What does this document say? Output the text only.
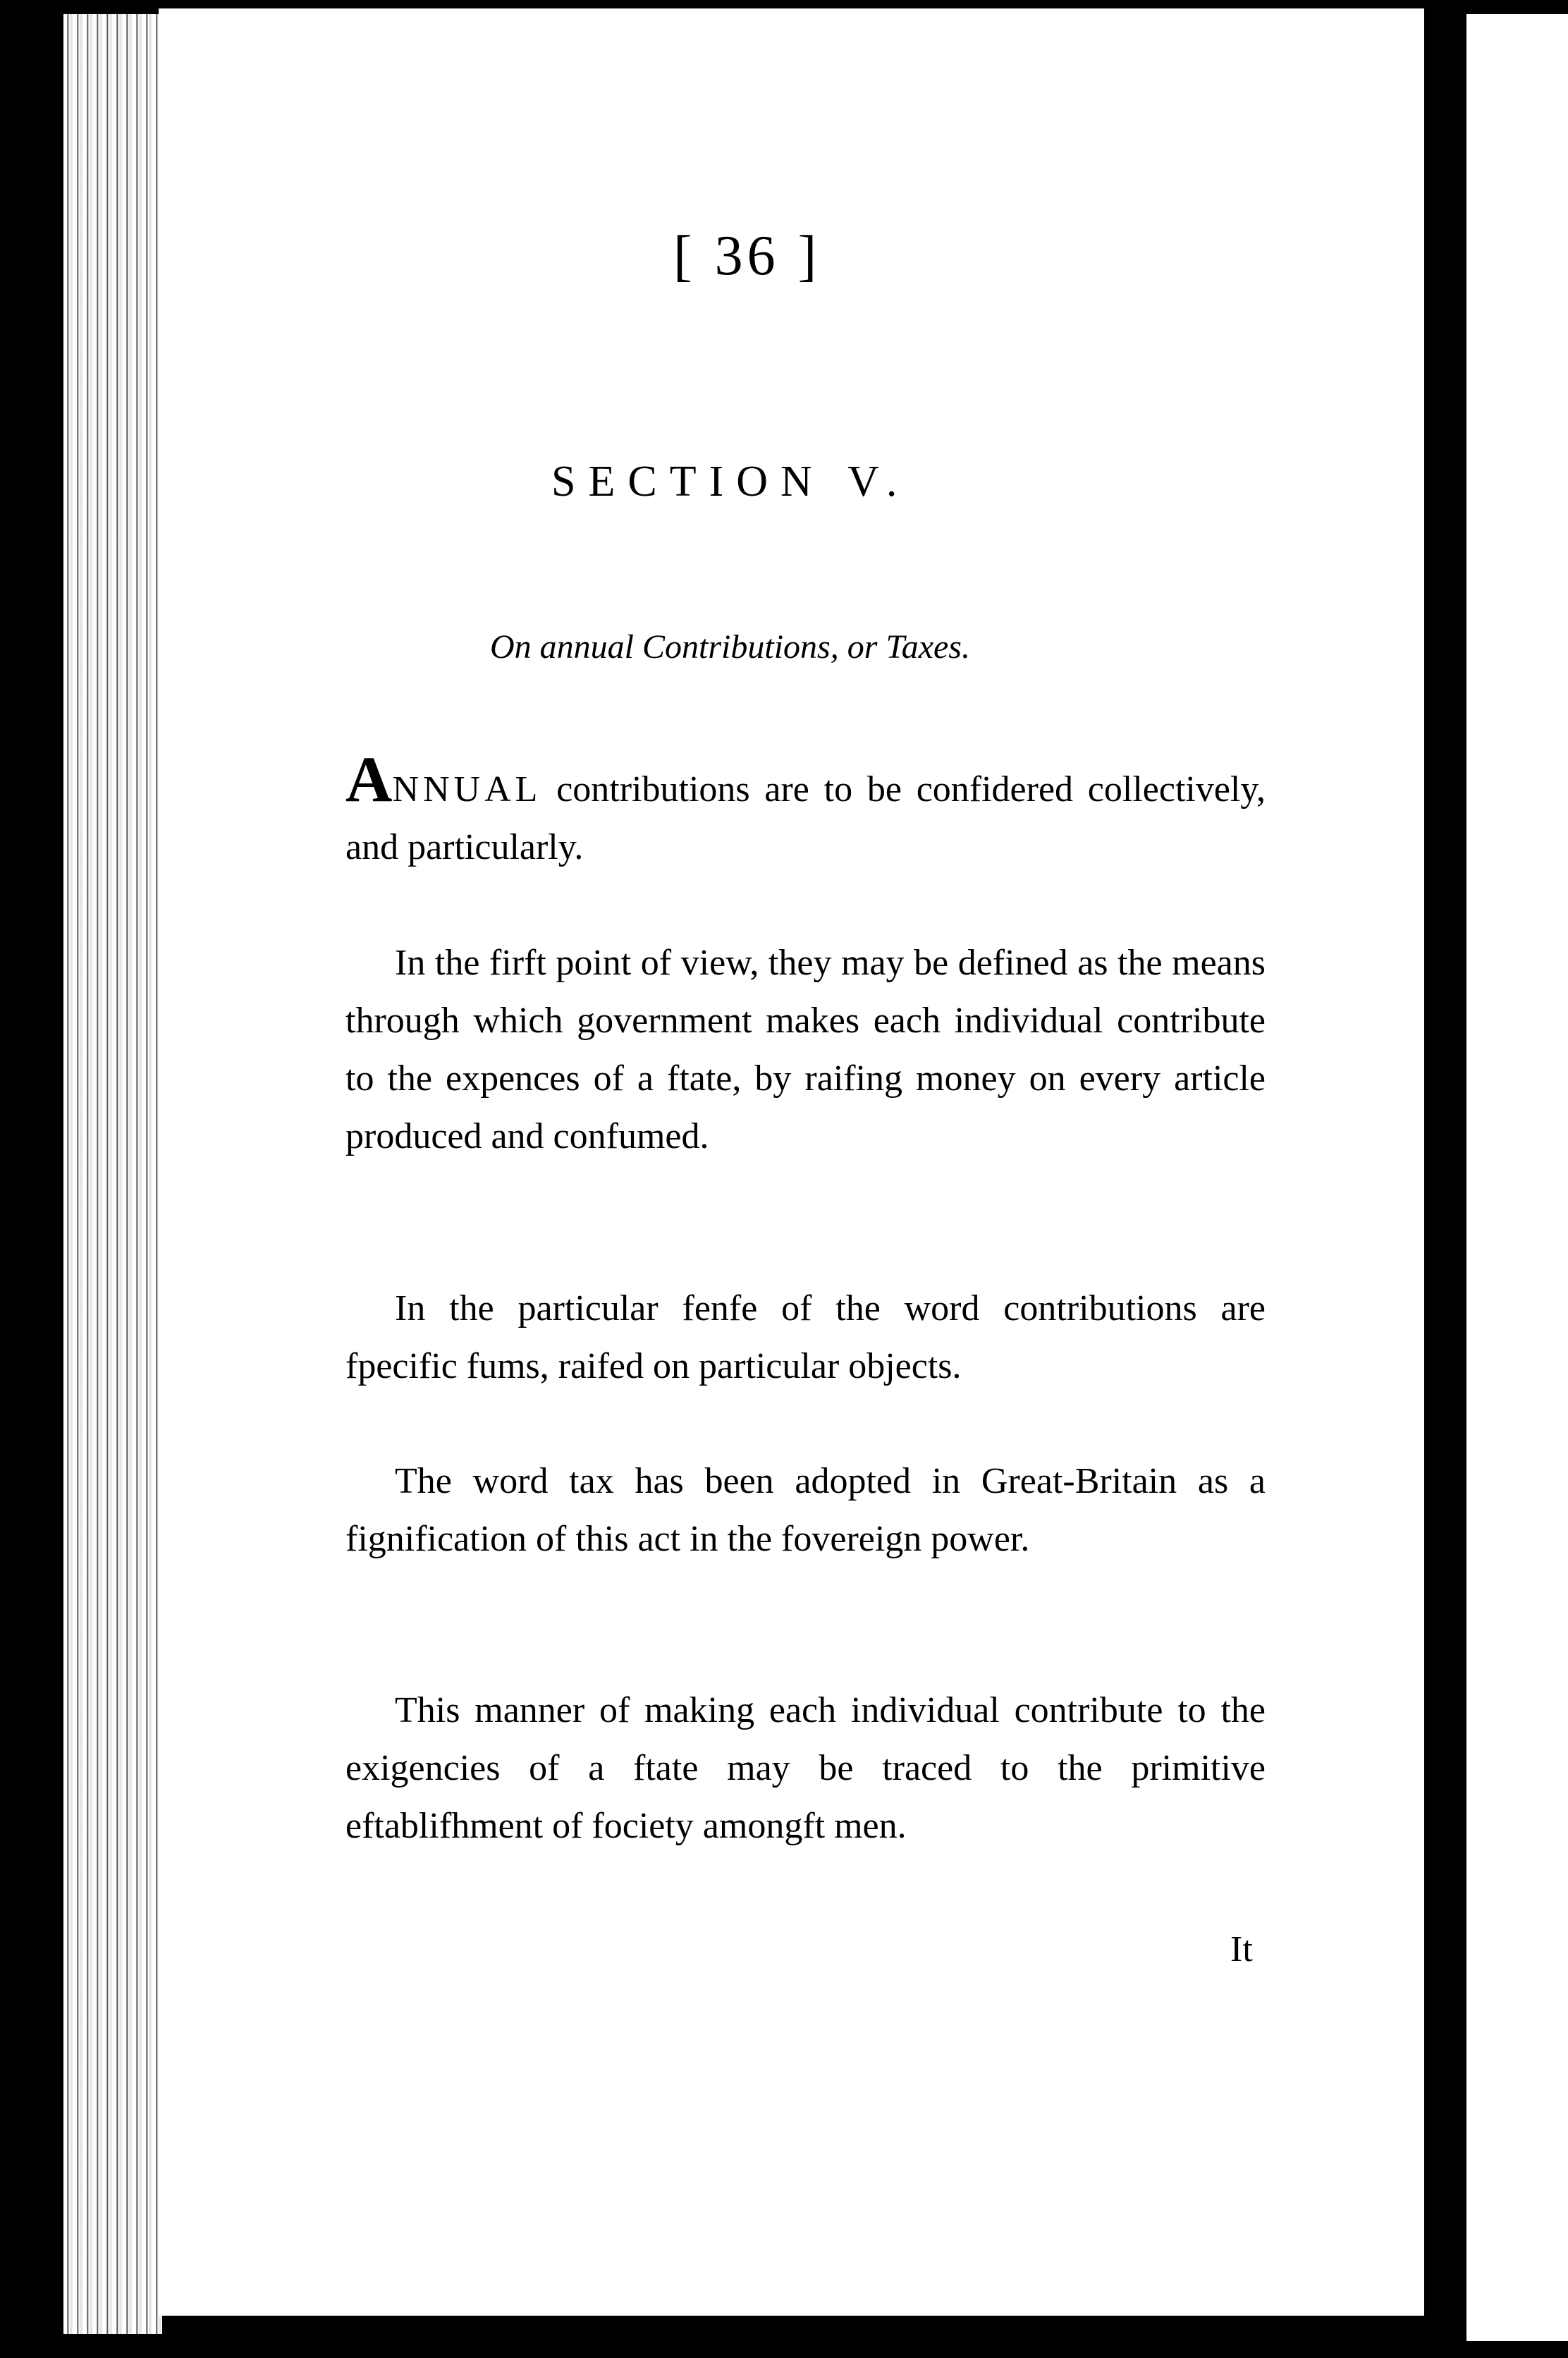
[ 36 ]
SECTION V.
On annual Contributions, or Taxes.
ANNUAL contributions are to be confidered collectively, and particularly.
In the firft point of view, they may be defined as the means through which government makes each individual contribute to the expences of a ftate, by raifing money on every article produced and confumed.
In the particular fenfe of the word contributions are fpecific fums, raifed on particular objects.
The word tax has been adopted in Great-Britain as a fignification of this act in the fovereign power.
This manner of making each individual contribute to the exigencies of a ftate may be traced to the primitive eftablifhment of fociety amongft men.
It
